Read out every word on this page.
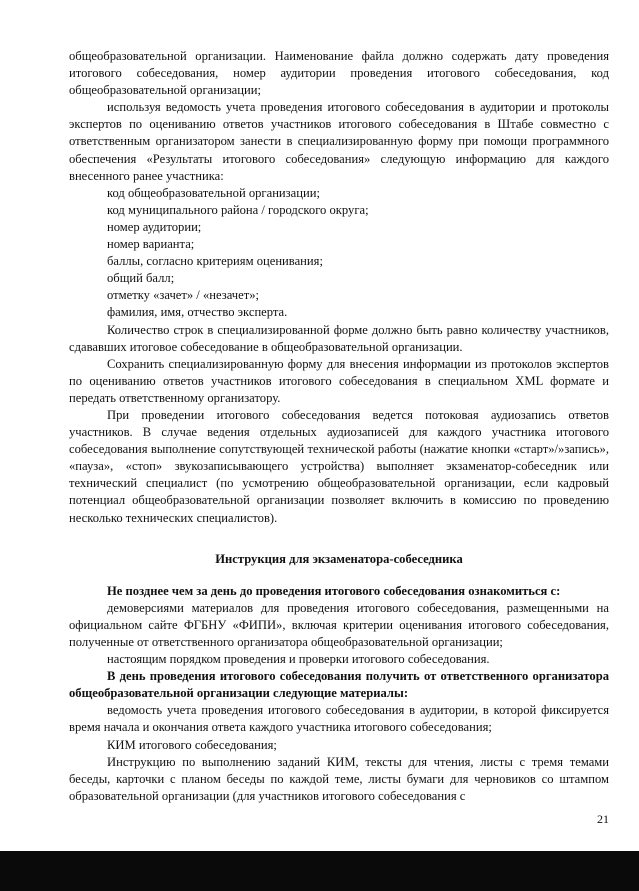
общеобразовательной организации. Наименование файла должно содержать дату проведения итогового собеседования, номер аудитории проведения итогового собеседования, код общеобразовательной организации;

используя ведомость учета проведения итогового собеседования в аудитории и протоколы экспертов по оцениванию ответов участников итогового собеседования в Штабе совместно с ответственным организатором занести в специализированную форму при помощи программного обеспечения «Результаты итогового собеседования» следующую информацию для каждого внесенного ранее участника:

код общеобразовательной организации;

код муниципального района / городского округа;

номер аудитории;

номер варианта;

баллы, согласно критериям оценивания;

общий балл;

отметку «зачет» / «незачет»;

фамилия, имя, отчество эксперта.

Количество строк в специализированной форме должно быть равно количеству участников, сдававших итоговое собеседование в общеобразовательной организации.

Сохранить специализированную форму для внесения информации из протоколов экспертов по оцениванию ответов участников итогового собеседования в специальном XML формате и передать ответственному организатору.

При проведении итогового собеседования ведется потоковая аудиозапись ответов участников. В случае ведения отдельных аудиозаписей для каждого участника итогового собеседования выполнение сопутствующей технической работы (нажатие кнопки «старт»/»запись», «пауза», «стоп» звукозаписывающего устройства) выполняет экзаменатор-собеседник или технический специалист (по усмотрению общеобразовательной организации, если кадровый потенциал общеобразовательной организации позволяет включить в комиссию по проведению несколько технических специалистов).

Инструкция для экзаменатора-собеседника

Не позднее чем за день до проведения итогового собеседования ознакомиться с:

демоверсиями материалов для проведения итогового собеседования, размещенными на официальном сайте ФГБНУ «ФИПИ», включая критерии оценивания итогового собеседования, полученные от ответственного организатора общеобразовательной организации;

настоящим порядком проведения и проверки итогового собеседования.

В день проведения итогового собеседования получить от ответственного организатора общеобразовательной организации следующие материалы:

ведомость учета проведения итогового собеседования в аудитории, в которой фиксируется время начала и окончания ответа каждого участника итогового собеседования;

КИМ итогового собеседования;

Инструкцию по выполнению заданий КИМ, тексты для чтения, листы с тремя темами беседы, карточки с планом беседы по каждой теме, листы бумаги для черновиков со штампом образовательной организации (для участников итогового собеседования с

21
